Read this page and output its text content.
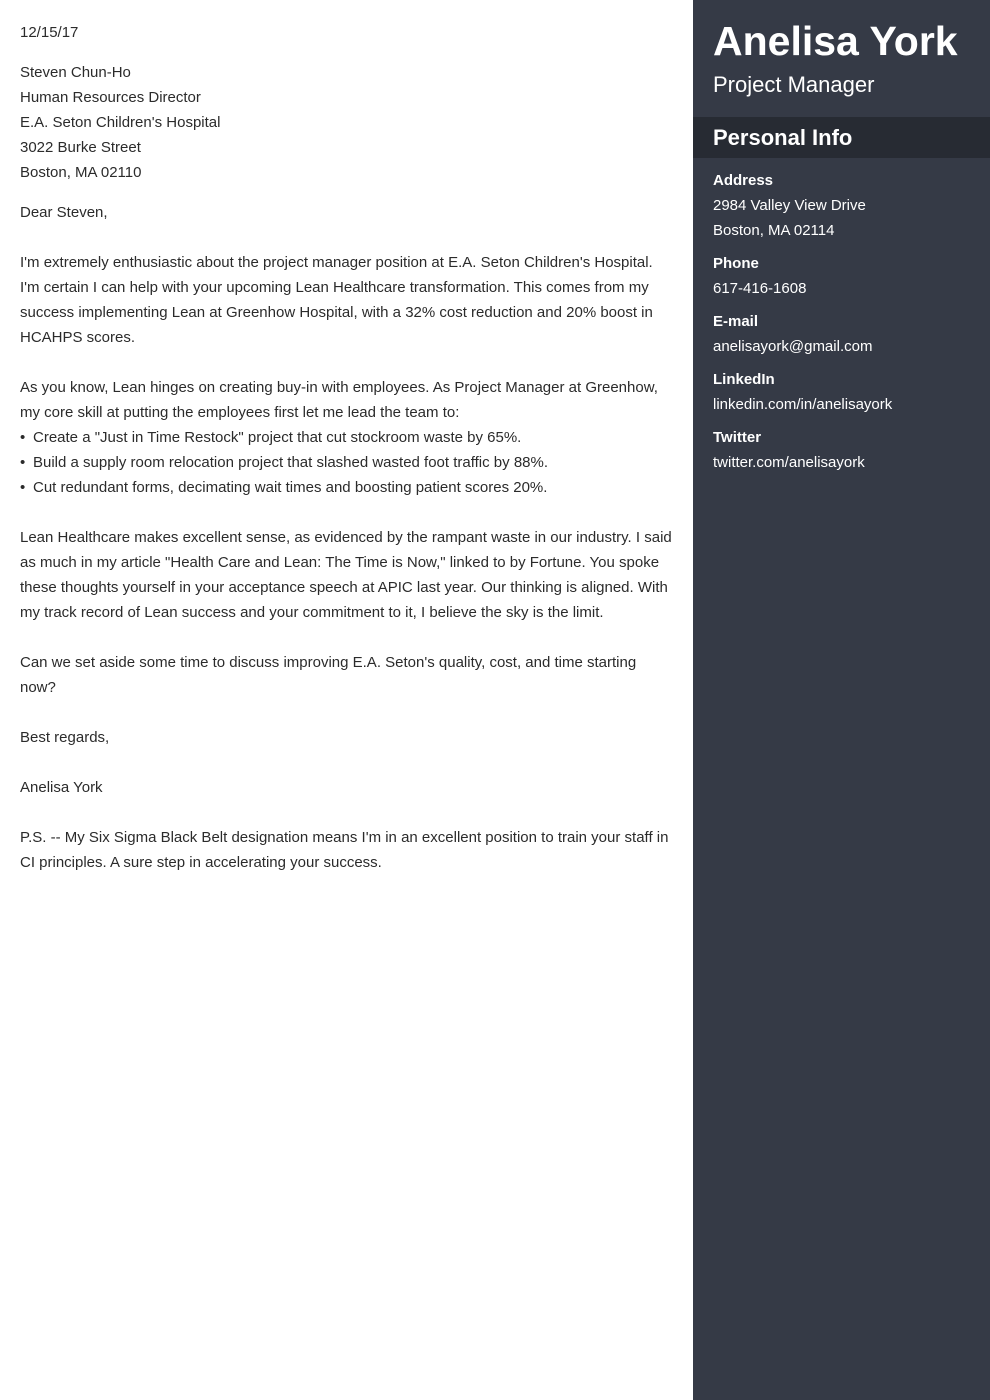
12/15/17

Steven Chun-Ho
Human Resources Director
E.A. Seton Children's Hospital
3022 Burke Street
Boston, MA 02110

Dear Steven,

I'm extremely enthusiastic about the project manager position at E.A. Seton Children's Hospital. I'm certain I can help with your upcoming Lean Healthcare transformation. This comes from my success implementing Lean at Greenhow Hospital, with a 32% cost reduction and 20% boost in HCAHPS scores.

As you know, Lean hinges on creating buy-in with employees. As Project Manager at Greenhow, my core skill at putting the employees first let me lead the team to:

• Create a "Just in Time Restock" project that cut stockroom waste by 65%.
• Build a supply room relocation project that slashed wasted foot traffic by 88%.
• Cut redundant forms, decimating wait times and boosting patient scores 20%.

Lean Healthcare makes excellent sense, as evidenced by the rampant waste in our industry. I said as much in my article "Health Care and Lean: The Time is Now," linked to by Fortune. You spoke these thoughts yourself in your acceptance speech at APIC last year. Our thinking is aligned. With my track record of Lean success and your commitment to it, I believe the sky is the limit.

Can we set aside some time to discuss improving E.A. Seton's quality, cost, and time starting now?

Best regards,

Anelisa York

P.S. -- My Six Sigma Black Belt designation means I'm in an excellent position to train your staff in CI principles. A sure step in accelerating your success.

Anelisa York
Project Manager
Personal Info
Address
2984 Valley View Drive
Boston, MA 02114
Phone
617-416-1608
E-mail
anelisayork@gmail.com
LinkedIn
linkedin.com/in/anelisayork
Twitter
twitter.com/anelisayork
